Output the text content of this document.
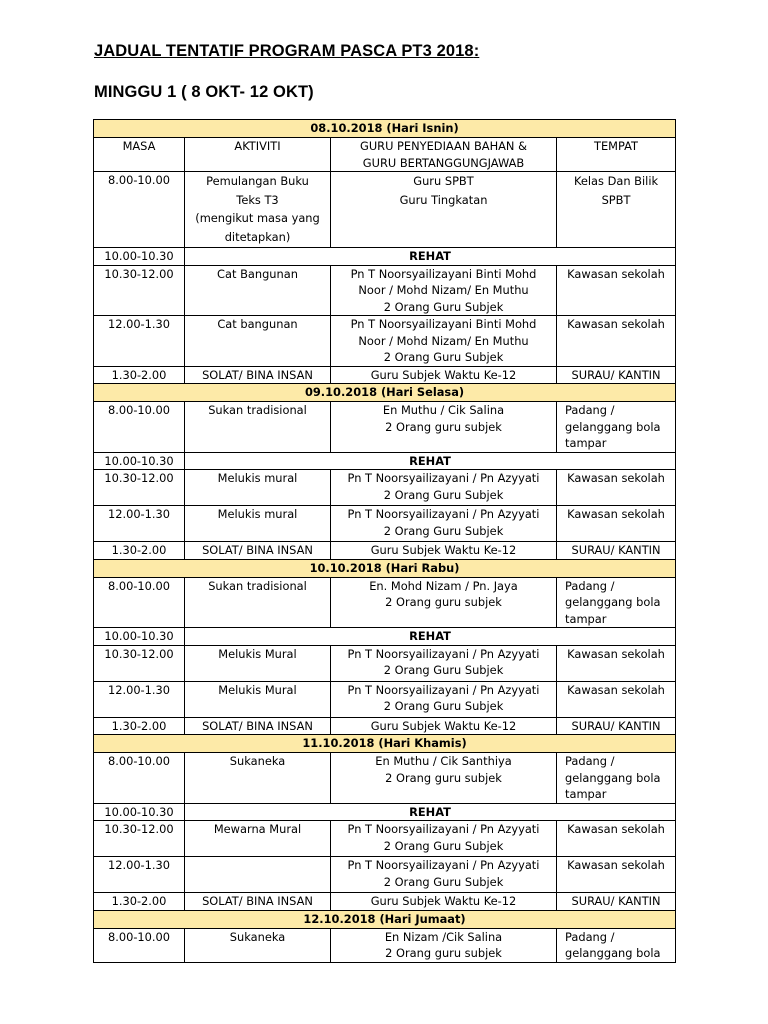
JADUAL TENTATIF PROGRAM PASCA PT3 2018:
MINGGU 1 ( 8 OKT- 12 OKT)
08.10.2018 (Hari Isnin)			
MASA	AKTIVITI	GURU PENYEDIAAN BAHAN &
GURU BERTANGGUNGJAWAB	TEMPAT
8.00-10.00	Pemulangan Buku
Teks T3
(mengikut masa yang
ditetapkan)	Guru SPBT
Guru Tingkatan	Kelas Dan Bilik
SPBT

10.00-10.30	REHAT		
10.30-12.00	Cat Bangunan	Pn T Noorsyailizayani Binti Mohd
Noor / Mohd Nizam/ En Muthu
2 Orang Guru Subjek	Kawasan sekolah

12.00-1.30	Cat bangunan	Pn T Noorsyailizayani Binti Mohd
Noor / Mohd Nizam/ En Muthu
2 Orang Guru Subjek	Kawasan sekolah

1.30-2.00	SOLAT/ BINA INSAN	Guru Subjek Waktu Ke-12	SURAU/ KANTIN

09.10.2018 (Hari Selasa)			
8.00-10.00	Sukan tradisional	En Muthu / Cik Salina
2 Orang guru subjek	Padang /
gelanggang bola
tampar

10.00-10.30	REHAT		
10.30-12.00	Melukis mural	Pn T Noorsyailizayani / Pn Azyyati
2 Orang Guru Subjek	Kawasan sekolah

12.00-1.30	Melukis mural	Pn T Noorsyailizayani / Pn Azyyati
2 Orang Guru Subjek	Kawasan sekolah

1.30-2.00	SOLAT/ BINA INSAN	Guru Subjek Waktu Ke-12	SURAU/ KANTIN

10.10.2018 (Hari Rabu)			
8.00-10.00	Sukan tradisional	En. Mohd Nizam / Pn. Jaya
2 Orang guru subjek	Padang /
gelanggang bola
tampar

10.00-10.30	REHAT		
10.30-12.00	Melukis Mural	Pn T Noorsyailizayani / Pn Azyyati
2 Orang Guru Subjek	Kawasan sekolah

12.00-1.30	Melukis Mural	Pn T Noorsyailizayani / Pn Azyyati
2 Orang Guru Subjek	Kawasan sekolah

1.30-2.00	SOLAT/ BINA INSAN	Guru Subjek Waktu Ke-12	SURAU/ KANTIN

11.10.2018 (Hari Khamis)			
8.00-10.00	Sukaneka	En Muthu / Cik Santhiya
2 Orang guru subjek	Padang /
gelanggang bola
tampar

10.00-10.30	REHAT		
10.30-12.00	Mewarna Mural	Pn T Noorsyailizayani / Pn Azyyati
2 Orang Guru Subjek	Kawasan sekolah

12.00-1.30		Pn T Noorsyailizayani / Pn Azyyati
2 Orang Guru Subjek	Kawasan sekolah

1.30-2.00	SOLAT/ BINA INSAN	Guru Subjek Waktu Ke-12	SURAU/ KANTIN

12.10.2018 (Hari Jumaat)			
8.00-10.00	Sukaneka	En Nizam /Cik Salina
2 Orang guru subjek	Padang /
gelanggang bola
